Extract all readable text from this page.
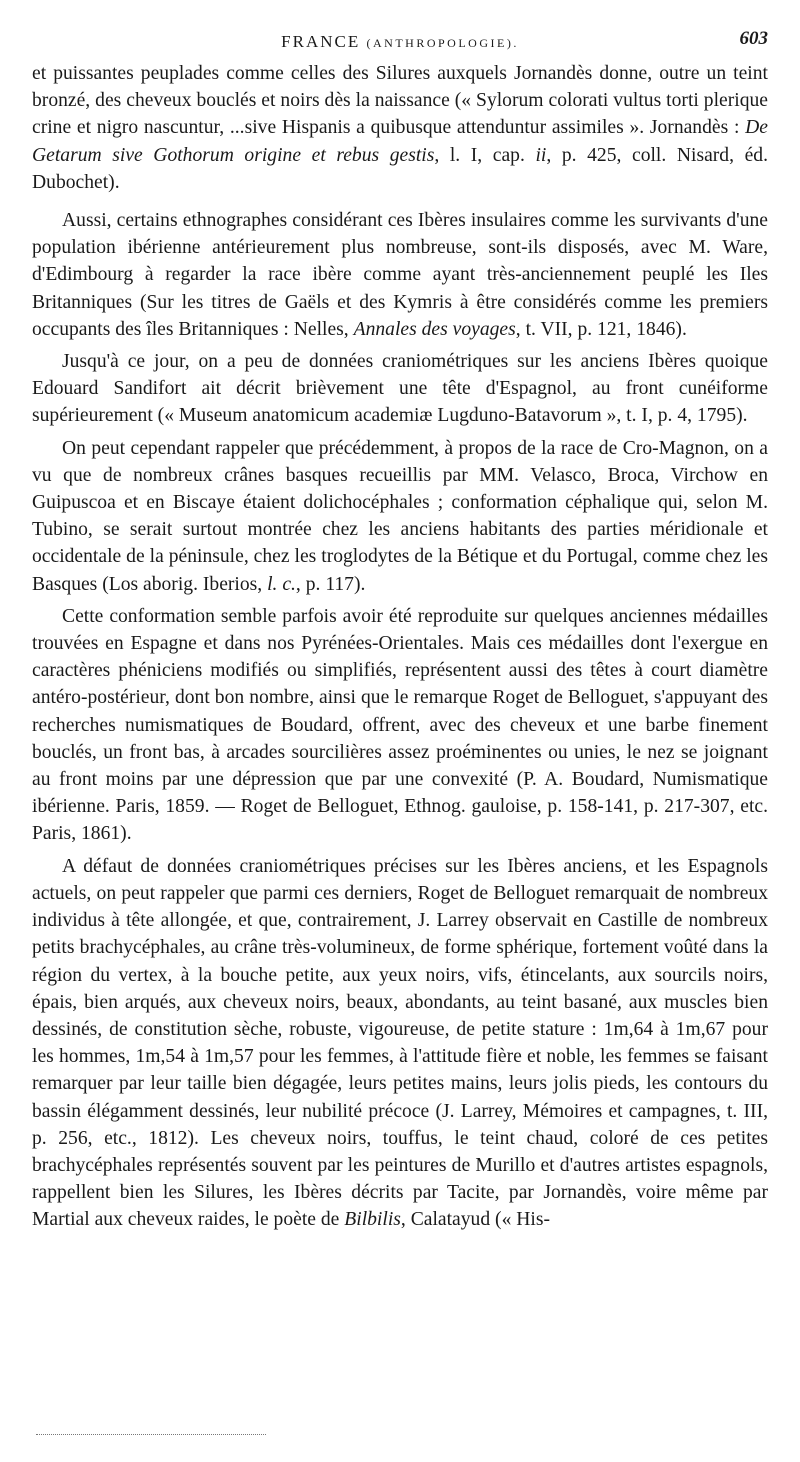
FRANCE (ANTHROPOLOGIE).	603

et puissantes peuplades comme celles des Silures auxquels Jornandès donne, outre un teint bronzé, des cheveux bouclés et noirs dès la naissance (« Sylorum colorati vultus torti plerique crine et nigro nascuntur, ...sive Hispanis a quibusque attenduntur assimiles ». Jornandès : De Getarum sive Gothorum origine et rebus gestis, l. I, cap. ii, p. 425, coll. Nisard, éd. Dubochet).

Aussi, certains ethnographes considérant ces Ibères insulaires comme les survivants d'une population ibérienne antérieurement plus nombreuse, sont-ils disposés, avec M. Ware, d'Edimbourg à regarder la race ibère comme ayant très-anciennement peuplé les Iles Britanniques (Sur les titres de Gaëls et des Kymris à être considérés comme les premiers occupants des îles Britanniques : Nelles, Annales des voyages, t. VII, p. 121, 1846).

Jusqu'à ce jour, on a peu de données craniométriques sur les anciens Ibères quoique Edouard Sandifort ait décrit brièvement une tête d'Espagnol, au front cunéiforme supérieurement (« Museum anatomicum academiæ Lugduno-Batavorum », t. I, p. 4, 1795).

On peut cependant rappeler que précédemment, à propos de la race de Cro-Magnon, on a vu que de nombreux crânes basques recueillis par MM. Velasco, Broca, Virchow en Guipuscoa et en Biscaye étaient dolichocéphales ; conformation céphalique qui, selon M. Tubino, se serait surtout montrée chez les anciens habitants des parties méridionale et occidentale de la péninsule, chez les troglodytes de la Bétique et du Portugal, comme chez les Basques (Los aborig. Iberios, l. c., p. 117).

Cette conformation semble parfois avoir été reproduite sur quelques anciennes médailles trouvées en Espagne et dans nos Pyrénées-Orientales. Mais ces médailles dont l'exergue en caractères phéniciens modifiés ou simplifiés, représentent aussi des têtes à court diamètre antéro-postérieur, dont bon nombre, ainsi que le remarque Roget de Belloguet, s'appuyant des recherches numismatiques de Boudard, offrent, avec des cheveux et une barbe finement bouclés, un front bas, à arcades sourcilières assez proéminentes ou unies, le nez se joignant au front moins par une dépression que par une convexité (P. A. Boudard, Numismatique ibérienne. Paris, 1859. — Roget de Belloguet, Ethnog. gauloise, p. 158-141, p. 217-307, etc. Paris, 1861).

A défaut de données craniométriques précises sur les Ibères anciens, et les Espagnols actuels, on peut rappeler que parmi ces derniers, Roget de Belloguet remarquait de nombreux individus à tête allongée, et que, contrairement, J. Larrey observait en Castille de nombreux petits brachycéphales, au crâne très-volumineux, de forme sphérique, fortement voûté dans la région du vertex, à la bouche petite, aux yeux noirs, vifs, étincelants, aux sourcils noirs, épais, bien arqués, aux cheveux noirs, beaux, abondants, au teint basané, aux muscles bien dessinés, de constitution sèche, robuste, vigoureuse, de petite stature : 1m,64 à 1m,67 pour les hommes, 1m,54 à 1m,57 pour les femmes, à l'attitude fière et noble, les femmes se faisant remarquer par leur taille bien dégagée, leurs petites mains, leurs jolis pieds, les contours du bassin élégamment dessinés, leur nubilité précoce (J. Larrey, Mémoires et campagnes, t. III, p. 256, etc., 1812). Les cheveux noirs, touffus, le teint chaud, coloré de ces petites brachycéphales représentés souvent par les peintures de Murillo et d'autres artistes espagnols, rappellent bien les Silures, les Ibères décrits par Tacite, par Jornandès, voire même par Martial aux cheveux raides, le poète de Bilbilis, Calatayud (« His-
